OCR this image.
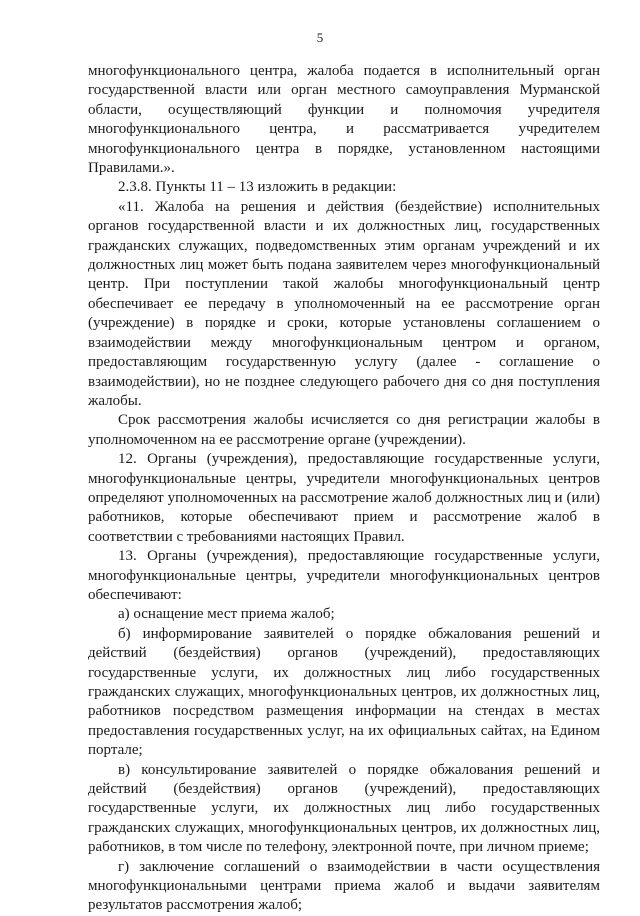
5

многофункционального центра, жалоба подается в исполнительный орган государственной власти или орган местного самоуправления Мурманской области, осуществляющий функции и полномочия учредителя многофункционального центра, и рассматривается учредителем многофункционального центра в порядке, установленном настоящими Правилами.».

2.3.8. Пункты 11 – 13 изложить в редакции:

«11. Жалоба на решения и действия (бездействие) исполнительных органов государственной власти и их должностных лиц, государственных гражданских служащих, подведомственных этим органам учреждений и их должностных лиц может быть подана заявителем через многофункциональный центр. При поступлении такой жалобы многофункциональный центр обеспечивает ее передачу в уполномоченный на ее рассмотрение орган (учреждение) в порядке и сроки, которые установлены соглашением о взаимодействии между многофункциональным центром и органом, предоставляющим государственную услугу (далее - соглашение о взаимодействии), но не позднее следующего рабочего дня со дня поступления жалобы.

Срок рассмотрения жалобы исчисляется со дня регистрации жалобы в уполномоченном на ее рассмотрение органе (учреждении).

12. Органы (учреждения), предоставляющие государственные услуги, многофункциональные центры, учредители многофункциональных центров определяют уполномоченных на рассмотрение жалоб должностных лиц и (или) работников, которые обеспечивают прием и рассмотрение жалоб в соответствии с требованиями настоящих Правил.

13. Органы (учреждения), предоставляющие государственные услуги, многофункциональные центры, учредители многофункциональных центров обеспечивают:

а) оснащение мест приема жалоб;

б) информирование заявителей о порядке обжалования решений и действий (бездействия) органов (учреждений), предоставляющих государственные услуги, их должностных лиц либо государственных гражданских служащих, многофункциональных центров, их должностных лиц, работников посредством размещения информации на стендах в местах предоставления государственных услуг, на их официальных сайтах, на Едином портале;

в) консультирование заявителей о порядке обжалования решений и действий (бездействия) органов (учреждений), предоставляющих государственные услуги, их должностных лиц либо государственных гражданских служащих, многофункциональных центров, их должностных лиц, работников, в том числе по телефону, электронной почте, при личном приеме;

г) заключение соглашений о взаимодействии в части осуществления многофункциональными центрами приема жалоб и выдачи заявителям результатов рассмотрения жалоб;
